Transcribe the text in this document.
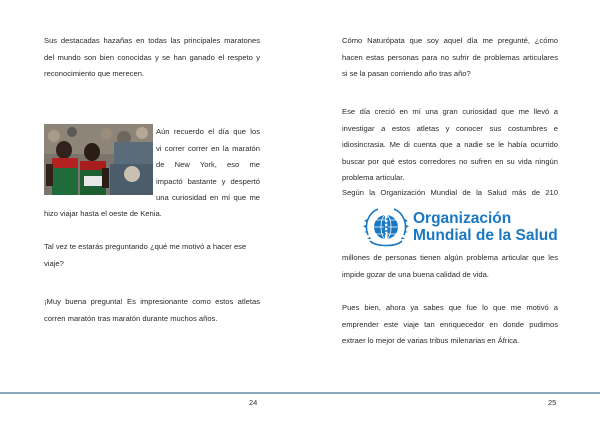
Sus destacadas hazañas en todas las principales maratones
del mundo son bien conocidas y se han ganado el respeto y
reconocimiento que merecen.
Aún recuerdo el día que los
vi correr correr en la maratón
de New York, eso me
impactó bastante y despertó
una curiosidad en mí que me
hizo viajar hasta el oeste de Kenia.
Tal vez te estarás preguntando ¿qué me motivó a hacer ese
viaje?
¡Muy buena pregunta! Es impresionante como estos atletas
corren maratón tras maratón durante muchos años.
24
Cómo Naturópata que soy aquel día me pregunté, ¿cómo
hacen estas personas para no sufrir de problemas articulares
si se la pasan corriendo año tras año?
Ese día creció en mí una gran curiosidad que me llevó a
investigar a estos atletas y conocer sus costumbres e
idiosincrasia. Me di cuenta que a nadie se le había ocurrido
buscar por qué estos corredores no sufren en su vida ningún
problema articular.
Según la Organización Mundial de la Salud más de 210
Organización
Mundial de la Salud
millones de personas tienen algún problema articular que les
impide gozar de una buena calidad de vida.
Pues bien, ahora ya sabes que fue lo que me motivó a
emprender este viaje tan enriquecedor en donde pudimos
extraer lo mejor de varias tribus milenarias en África.
25
